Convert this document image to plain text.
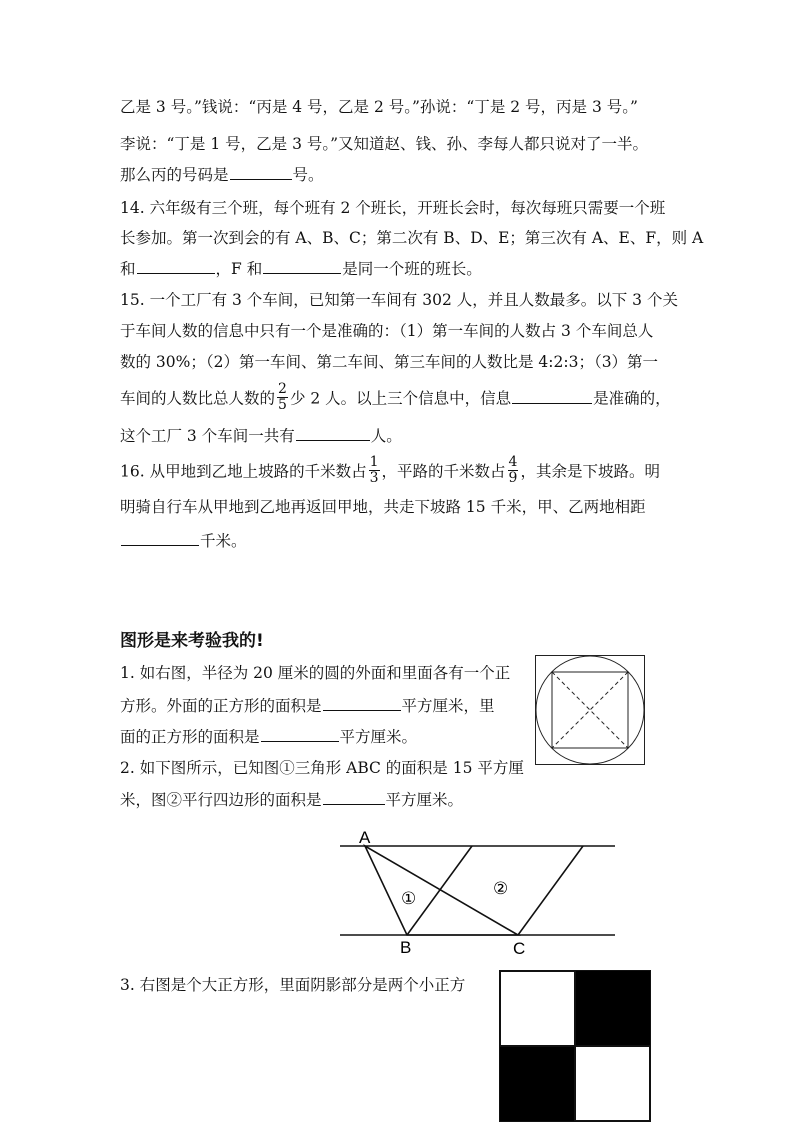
乙是 3 号。”钱说：“丙是 4 号，乙是 2 号。”孙说：“丁是 2 号，丙是 3 号。”
李说：“丁是 1 号，乙是 3 号。”又知道赵、钱、孙、李每人都只说对了一半。
那么丙的号码是	号。
14. 六年级有三个班，每个班有 2 个班长，开班长会时，每次每班只需要一个班
长参加。第一次到会的有 A、B、C；第二次有 B、D、E；第三次有 A、E、F，则 A
和	，F 和	是同一个班的班长。
15. 一个工厂有 3 个车间，已知第一车间有 302 人，并且人数最多。以下 3 个关
于车间人数的信息中只有一个是准确的：（1）第一车间的人数占 3 个车间总人
数的 30%；（2）第一车间、第二车间、第三车间的人数比是 4:2:3；（3）第一
车间的人数比总人数的 $\frac{2}{5}$ 少 2 人。以上三个信息中，信息	是准确的，
这个工厂 3 个车间一共有	人。
16. 从甲地到乙地上坡路的千米数占 $\frac{1}{3}$ ，平路的千米数占 $\frac{4}{9}$ ，其余是下坡路。明
明骑自行车从甲地到乙地再返回甲地，共走下坡路 15 千米，甲、乙两地相距
千米。
图形是来考验我的!
1. 如右图，半径为 20 厘米的圆的外面和里面各有一个正
方形。外面的正方形的面积是	平方厘米，里
面的正方形的面积是	平方厘米。
2. 如下图所示，已知图①三角形 ABC 的面积是 15 平方厘
米，图②平行四边形的面积是	平方厘米。
A
B	C
①	②
3. 右图是个大正方形，里面阴影部分是两个小正方
